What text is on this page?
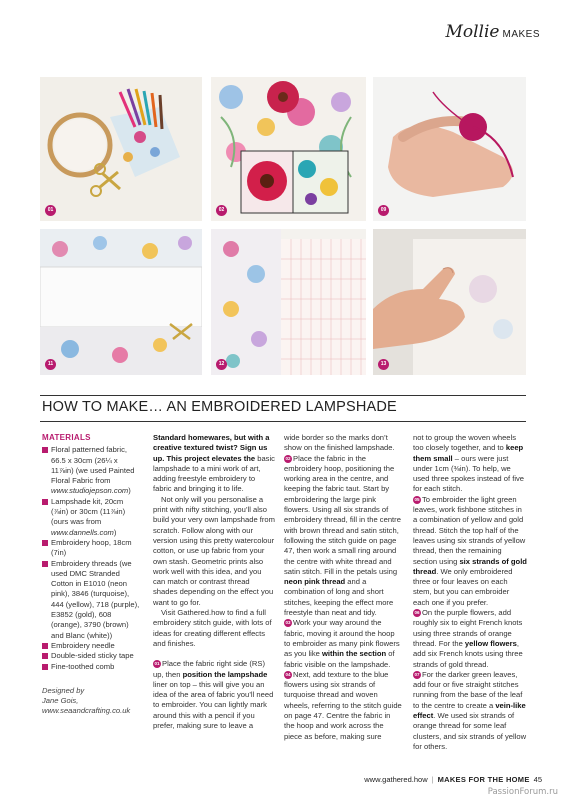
Mollie MAKES
01	02	09
11	12	13
HOW TO MAKE… AN EMBROIDERED LAMPSHADE
MATERIALS
Floral patterned fabric, 66.5 x 30cm (26¼ x 11⅞in) (we used Painted Floral Fabric from www.studiojepson.com)
Lampshade kit, 20cm (⅞in) or 30cm (11⅞in) (ours was from www.dannells.com)
Embroidery hoop, 18cm (7in)
Embroidery threads (we used DMC Stranded Cotton in E1010 (neon pink), 3846 (turquoise), 444 (yellow), 718 (purple), E3852 (gold), 608 (orange), 3790 (brown) and Blanc (white))
Embroidery needle
Double-sided sticky tape
Fine-toothed comb
Designed by
Jane Gois,
www.seaandcrafting.co.uk

Standard homewares, but with a creative textured twist? Sign us up. This project elevates the basic lampshade to a mini work of art, adding freestyle embroidery to fabric and bringing it to life.

Not only will you personalise a print with nifty stitching, you’ll also build your very own lampshade from scratch. Follow along with our version using this pretty watercolour cotton, or use up fabric from your own stash. Geometric prints also work well with this idea, and you can match or contrast thread shades depending on the effect you want to go for.

Visit Gathered.how to find a full embroidery stitch guide, with lots of ideas for creating different effects and finishes.

01 Place the fabric right side (RS) up, then position the lampshade liner on top – this will give you an idea of the area of fabric you’ll need to embroider. You can lightly mark around this with a pencil if you prefer, making sure to leave a

wide border so the marks don’t show on the finished lampshade.

02 Place the fabric in the embroidery hoop, positioning the working area in the centre, and keeping the fabric taut. Start by embroidering the large pink flowers. Using all six strands of embroidery thread, fill in the centre with brown thread and satin stitch, following the stitch guide on page 47, then work a small ring around the centre with white thread and satin stitch. Fill in the petals using neon pink thread and a combination of long and short stitches, keeping the effect more freestyle than neat and tidy.

03 Work your way around the fabric, moving it around the hoop to embroider as many pink flowers as you like within the section of fabric visible on the lampshade.

04 Next, add texture to the blue flowers using six strands of turquoise thread and woven wheels, referring to the stitch guide on page 47. Centre the fabric in the hoop and work across the piece as before, making sure

not to group the woven wheels too closely together, and to keep them small – ours were just under 1cm (⅜in). To help, we used three spokes instead of five for each stitch.

05 To embroider the light green leaves, work fishbone stitches in a combination of yellow and gold thread. Stitch the top half of the leaves using six strands of yellow thread, then the remaining section using six strands of gold thread. We only embroidered three or four leaves on each stem, but you can embroider each one if you prefer.

06 On the purple flowers, add roughly six to eight French knots using three strands of orange thread. For the yellow flowers, add six French knots using three strands of gold thread.

07 For the darker green leaves, add four or five straight stitches running from the base of the leaf to the centre to create a vein-like effect. We used six strands of orange thread for some leaf clusters, and six strands of yellow for others.

www.gathered.how | MAKES FOR THE HOME 45
PassionForum.ru
